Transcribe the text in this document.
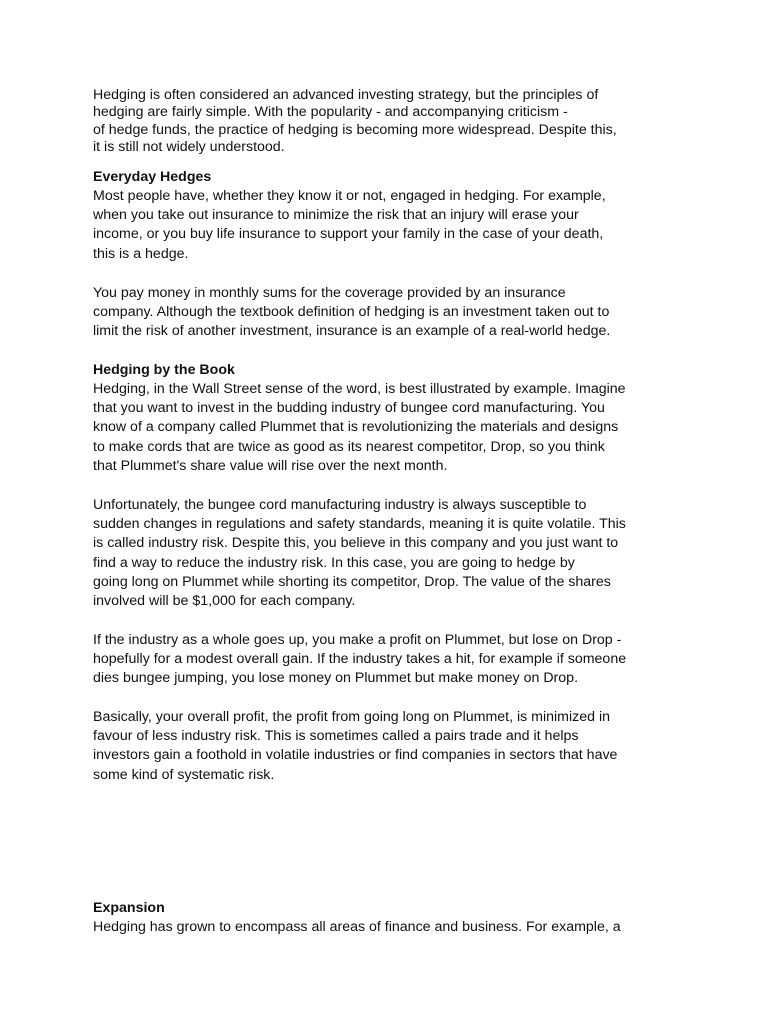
Hedging is often considered an advanced investing strategy, but the principles of
hedging are fairly simple. With the popularity - and accompanying criticism -
of hedge funds, the practice of hedging is becoming more widespread. Despite this,
it is still not widely understood.
Everyday Hedges
Most people have, whether they know it or not, engaged in hedging. For example,
when you take out insurance to minimize the risk that an injury will erase your
income, or you buy life insurance to support your family in the case of your death,
this is a hedge.
You pay money in monthly sums for the coverage provided by an insurance
company. Although the textbook definition of hedging is an investment taken out to
limit the risk of another investment, insurance is an example of a real-world hedge.
Hedging by the Book
Hedging, in the Wall Street sense of the word, is best illustrated by example. Imagine
that you want to invest in the budding industry of bungee cord manufacturing. You
know of a company called Plummet that is revolutionizing the materials and designs
to make cords that are twice as good as its nearest competitor, Drop, so you think
that Plummet's share value will rise over the next month.
Unfortunately, the bungee cord manufacturing industry is always susceptible to
sudden changes in regulations and safety standards, meaning it is quite volatile. This
is called industry risk. Despite this, you believe in this company and you just want to
find a way to reduce the industry risk. In this case, you are going to hedge by
going long on Plummet while shorting its competitor, Drop. The value of the shares
involved will be $1,000 for each company.
If the industry as a whole goes up, you make a profit on Plummet, but lose on Drop -
hopefully for a modest overall gain. If the industry takes a hit, for example if someone
dies bungee jumping, you lose money on Plummet but make money on Drop.
Basically, your overall profit, the profit from going long on Plummet, is minimized in
favour of less industry risk. This is sometimes called a pairs trade and it helps
investors gain a foothold in volatile industries or find companies in sectors that have
some kind of systematic risk.
Expansion
Hedging has grown to encompass all areas of finance and business. For example, a
